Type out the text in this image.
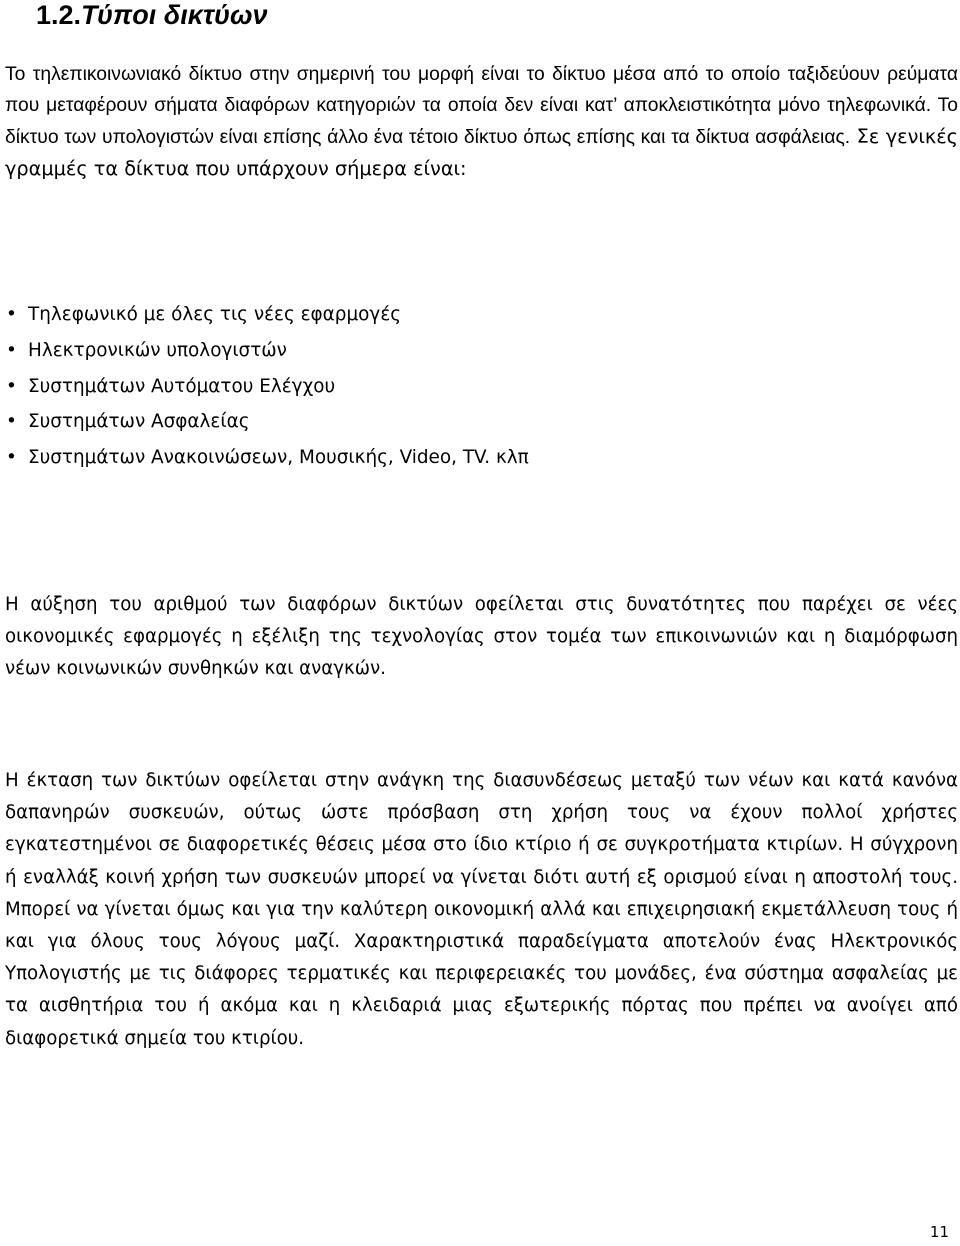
1.2.Τύποι δικτύων

Το τηλεπικοινωνιακό δίκτυο στην σημερινή του μορφή είναι το δίκτυο μέσα από το οποίο ταξιδεύουν ρεύματα που μεταφέρουν σήματα διαφόρων κατηγοριών τα οποία δεν είναι κατ’ αποκλειστικότητα μόνο τηλεφωνικά. Το δίκτυο των υπολογιστών είναι επίσης άλλο ένα τέτοιο δίκτυο όπως επίσης και τα δίκτυα ασφάλειας. Σε γενικές γραμμές τα δίκτυα που υπάρχουν σήμερα είναι:

• Τηλεφωνικό με όλες τις νέες εφαρμογές
• Ηλεκτρονικών υπολογιστών
• Συστημάτων Αυτόματου Ελέγχου
• Συστημάτων Ασφαλείας
• Συστημάτων Ανακοινώσεων, Μουσικής, Video, TV. κλπ

Η αύξηση του αριθμού των διαφόρων δικτύων οφείλεται στις δυνατότητες που παρέχει σε νέες οικονομικές εφαρμογές η εξέλιξη της τεχνολογίας στον τομέα των επικοινωνιών και η διαμόρφωση νέων κοινωνικών συνθηκών και αναγκών.

Η έκταση των δικτύων οφείλεται στην ανάγκη της διασυνδέσεως μεταξύ των νέων και κατά κανόνα δαπανηρών συσκευών, ούτως ώστε πρόσβαση στη χρήση τους να έχουν πολλοί χρήστες εγκατεστημένοι σε διαφορετικές θέσεις μέσα στο ίδιο κτίριο ή σε συγκροτήματα κτιρίων. Η σύγχρονη ή εναλλάξ κοινή χρήση των συσκευών μπορεί να γίνεται διότι αυτή εξ ορισμού είναι η αποστολή τους. Μπορεί να γίνεται όμως και για την καλύτερη οικονομική αλλά και επιχειρησιακή εκμετάλλευση τους ή και για όλους τους λόγους μαζί. Χαρακτηριστικά παραδείγματα αποτελούν ένας Ηλεκτρονικός Υπολογιστής με τις διάφορες τερματικές και περιφερειακές του μονάδες, ένα σύστημα ασφαλείας με τα αισθητήρια του ή ακόμα και η κλειδαριά μιας εξωτερικής πόρτας που πρέπει να ανοίγει από διαφορετικά σημεία του κτιρίου.

11
